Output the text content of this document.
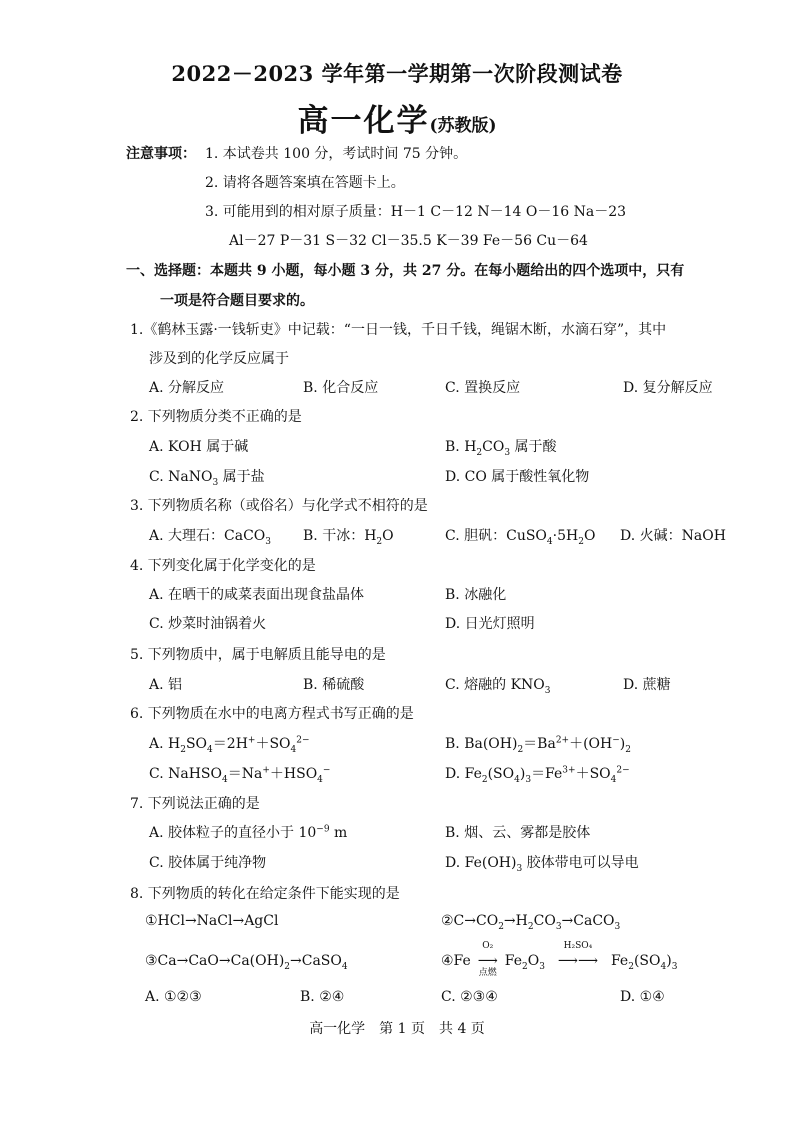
2022－2023 学年第一学期第一次阶段测试卷
高一化学(苏教版)
注意事项： 1. 本试卷共 100 分，考试时间 75 分钟。
2. 请将各题答案填在答题卡上。
3. 可能用到的相对原子质量：H－1 C－12 N－14 O－16 Na－23
Al－27 P－31 S－32 Cl－35.5 K－39 Fe－56 Cu－64
一、选择题：本题共 9 小题，每小题 3 分，共 27 分。在每小题给出的四个选项中，只有
一项是符合题目要求的。
1.《鹤林玉露·一钱斩吏》中记载：“一日一钱，千日千钱，绳锯木断，水滴石穿”，其中
涉及到的化学反应属于
A. 分解反应	B. 化合反应	C. 置换反应	D. 复分解反应
2. 下列物质分类不正确的是
A. KOH 属于碱	B. $H_2CO_3$ 属于酸
C. NaNO$_3$ 属于盐	D. CO 属于酸性氧化物
3. 下列物质名称（或俗名）与化学式不相符的是
A. 大理石：CaCO$_3$ B. 干冰：$H_2O$	C. 胆矾：$CuSO_4\cdot 5H_2O$ D. 火碱：NaOH
4. 下列变化属于化学变化的是
A. 在晒干的咸菜表面出现食盐晶体	B. 冰融化
C. 炒菜时油锅着火	D. 日光灯照明
5. 下列物质中，属于电解质且能导电的是
A. 铝	B. 稀硫酸	C. 熔融的 $KNO_3$	D. 蔗糖
6. 下列物质在水中的电离方程式书写正确的是
A. $H_2SO_4=2H^++SO_4^{2-}$	B. $Ba(OH)_2=Ba^{2+}+(OH^-)_2$
C. $NaHSO_4=Na^++HSO_4^-$	D. $Fe_2(SO_4)_3=Fe^{3+}+SO_4^{2-}$
7. 下列说法正确的是
A. 胶体粒子的直径小于 $10^{-9}$ m	B. 烟、云、雾都是胶体
C. 胶体属于纯净物	D. $Fe(OH)_3$ 胶体带电可以导电
8. 下列物质的转化在给定条件下能实现的是
①HCl→NaCl→AgCl	$②C\to CO_2\to H_2CO_3\to CaCO_3$
$③Ca\to CaO\to Ca(OH)_2\to CaSO_4$	④Fe
O₂
⟶
点燃
$Fe_2O_3$
H₂SO₄
⟶⟶ $Fe_2(SO_4)_3$
A. ①②③	B. ②④	C. ②③④	D. ①④
高一化学　第 1 页　共 4 页
